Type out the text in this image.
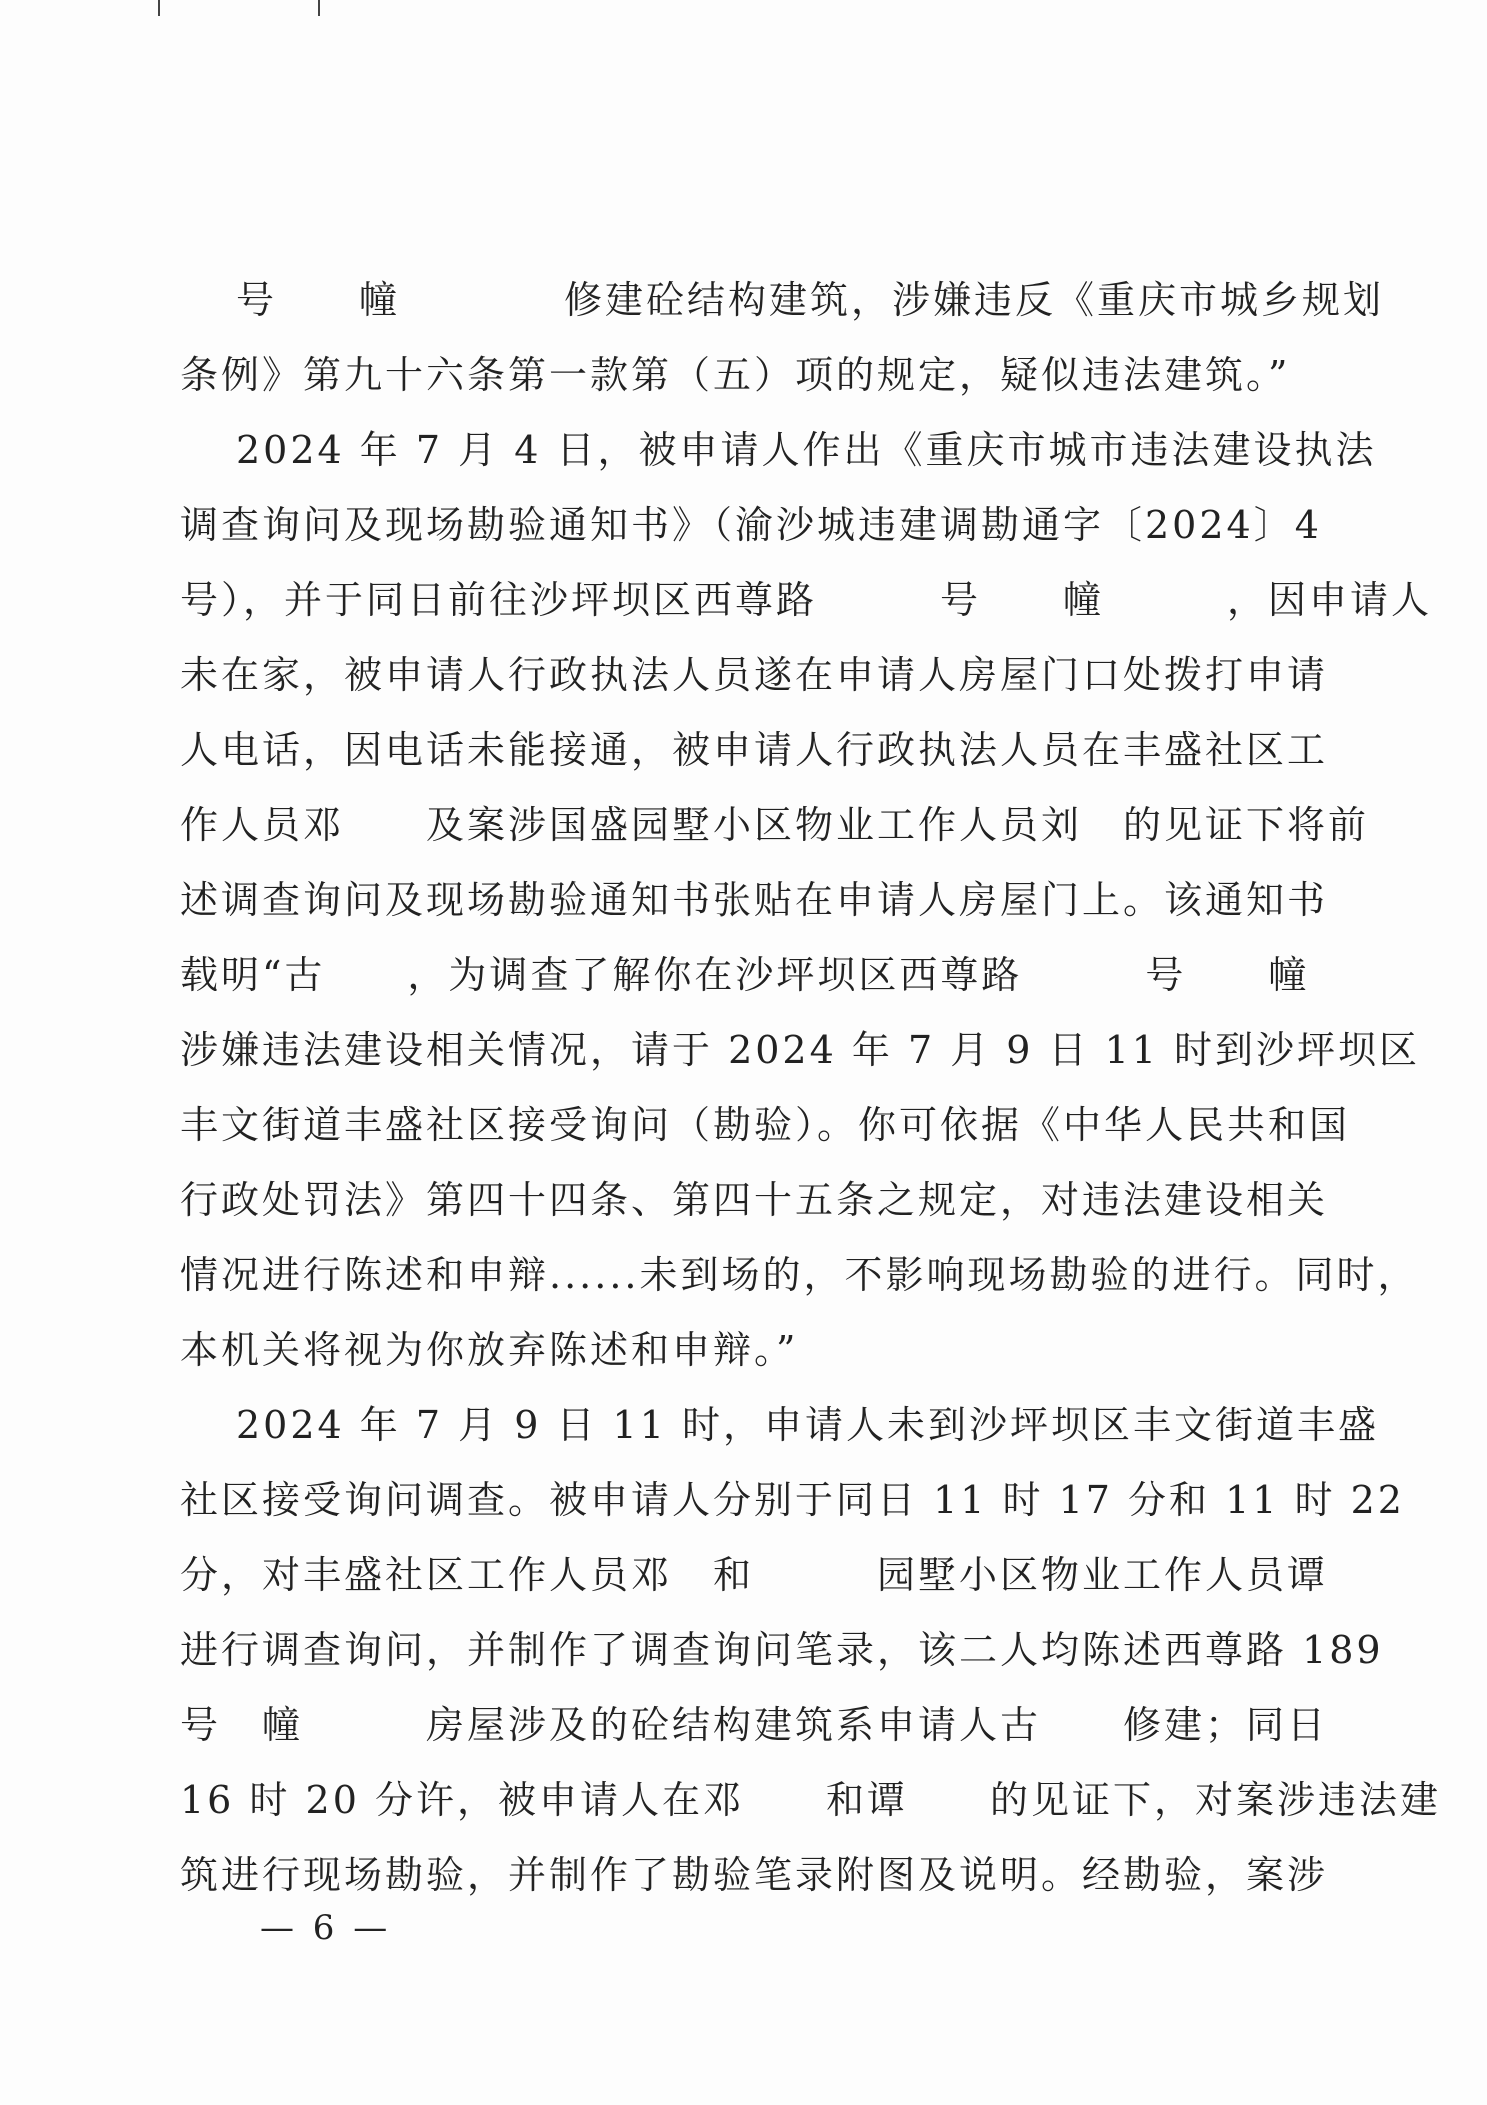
号　　幢　　　　修建砼结构建筑，涉嫌违反《重庆市城乡规划
条例》第九十六条第一款第（五）项的规定，疑似违法建筑。”
2024 年 7 月 4 日，被申请人作出《重庆市城市违法建设执法
调查询问及现场勘验通知书》（渝沙城违建调勘通字〔2024〕4
号），并于同日前往沙坪坝区西尊路　　　号　　幢　　　，因申请人
未在家，被申请人行政执法人员遂在申请人房屋门口处拨打申请
人电话，因电话未能接通，被申请人行政执法人员在丰盛社区工
作人员邓　　及案涉国盛园墅小区物业工作人员刘　的见证下将前
述调查询问及现场勘验通知书张贴在申请人房屋门上。该通知书
载明“古　　，为调查了解你在沙坪坝区西尊路　　　号　　幢
涉嫌违法建设相关情况，请于 2024 年 7 月 9 日 11 时到沙坪坝区
丰文街道丰盛社区接受询问（勘验）。你可依据《中华人民共和国
行政处罚法》第四十四条、第四十五条之规定，对违法建设相关
情况进行陈述和申辩......未到场的，不影响现场勘验的进行。同时，
本机关将视为你放弃陈述和申辩。”
2024 年 7 月 9 日 11 时，申请人未到沙坪坝区丰文街道丰盛
社区接受询问调查。被申请人分别于同日 11 时 17 分和 11 时 22
分，对丰盛社区工作人员邓　和　　　园墅小区物业工作人员谭
进行调查询问，并制作了调查询问笔录，该二人均陈述西尊路 189
号　幢　　　房屋涉及的砼结构建筑系申请人古　　修建；同日
16 时 20 分许，被申请人在邓　　和谭　　的见证下，对案涉违法建
筑进行现场勘验，并制作了勘验笔录附图及说明。经勘验，案涉
— 6 —
